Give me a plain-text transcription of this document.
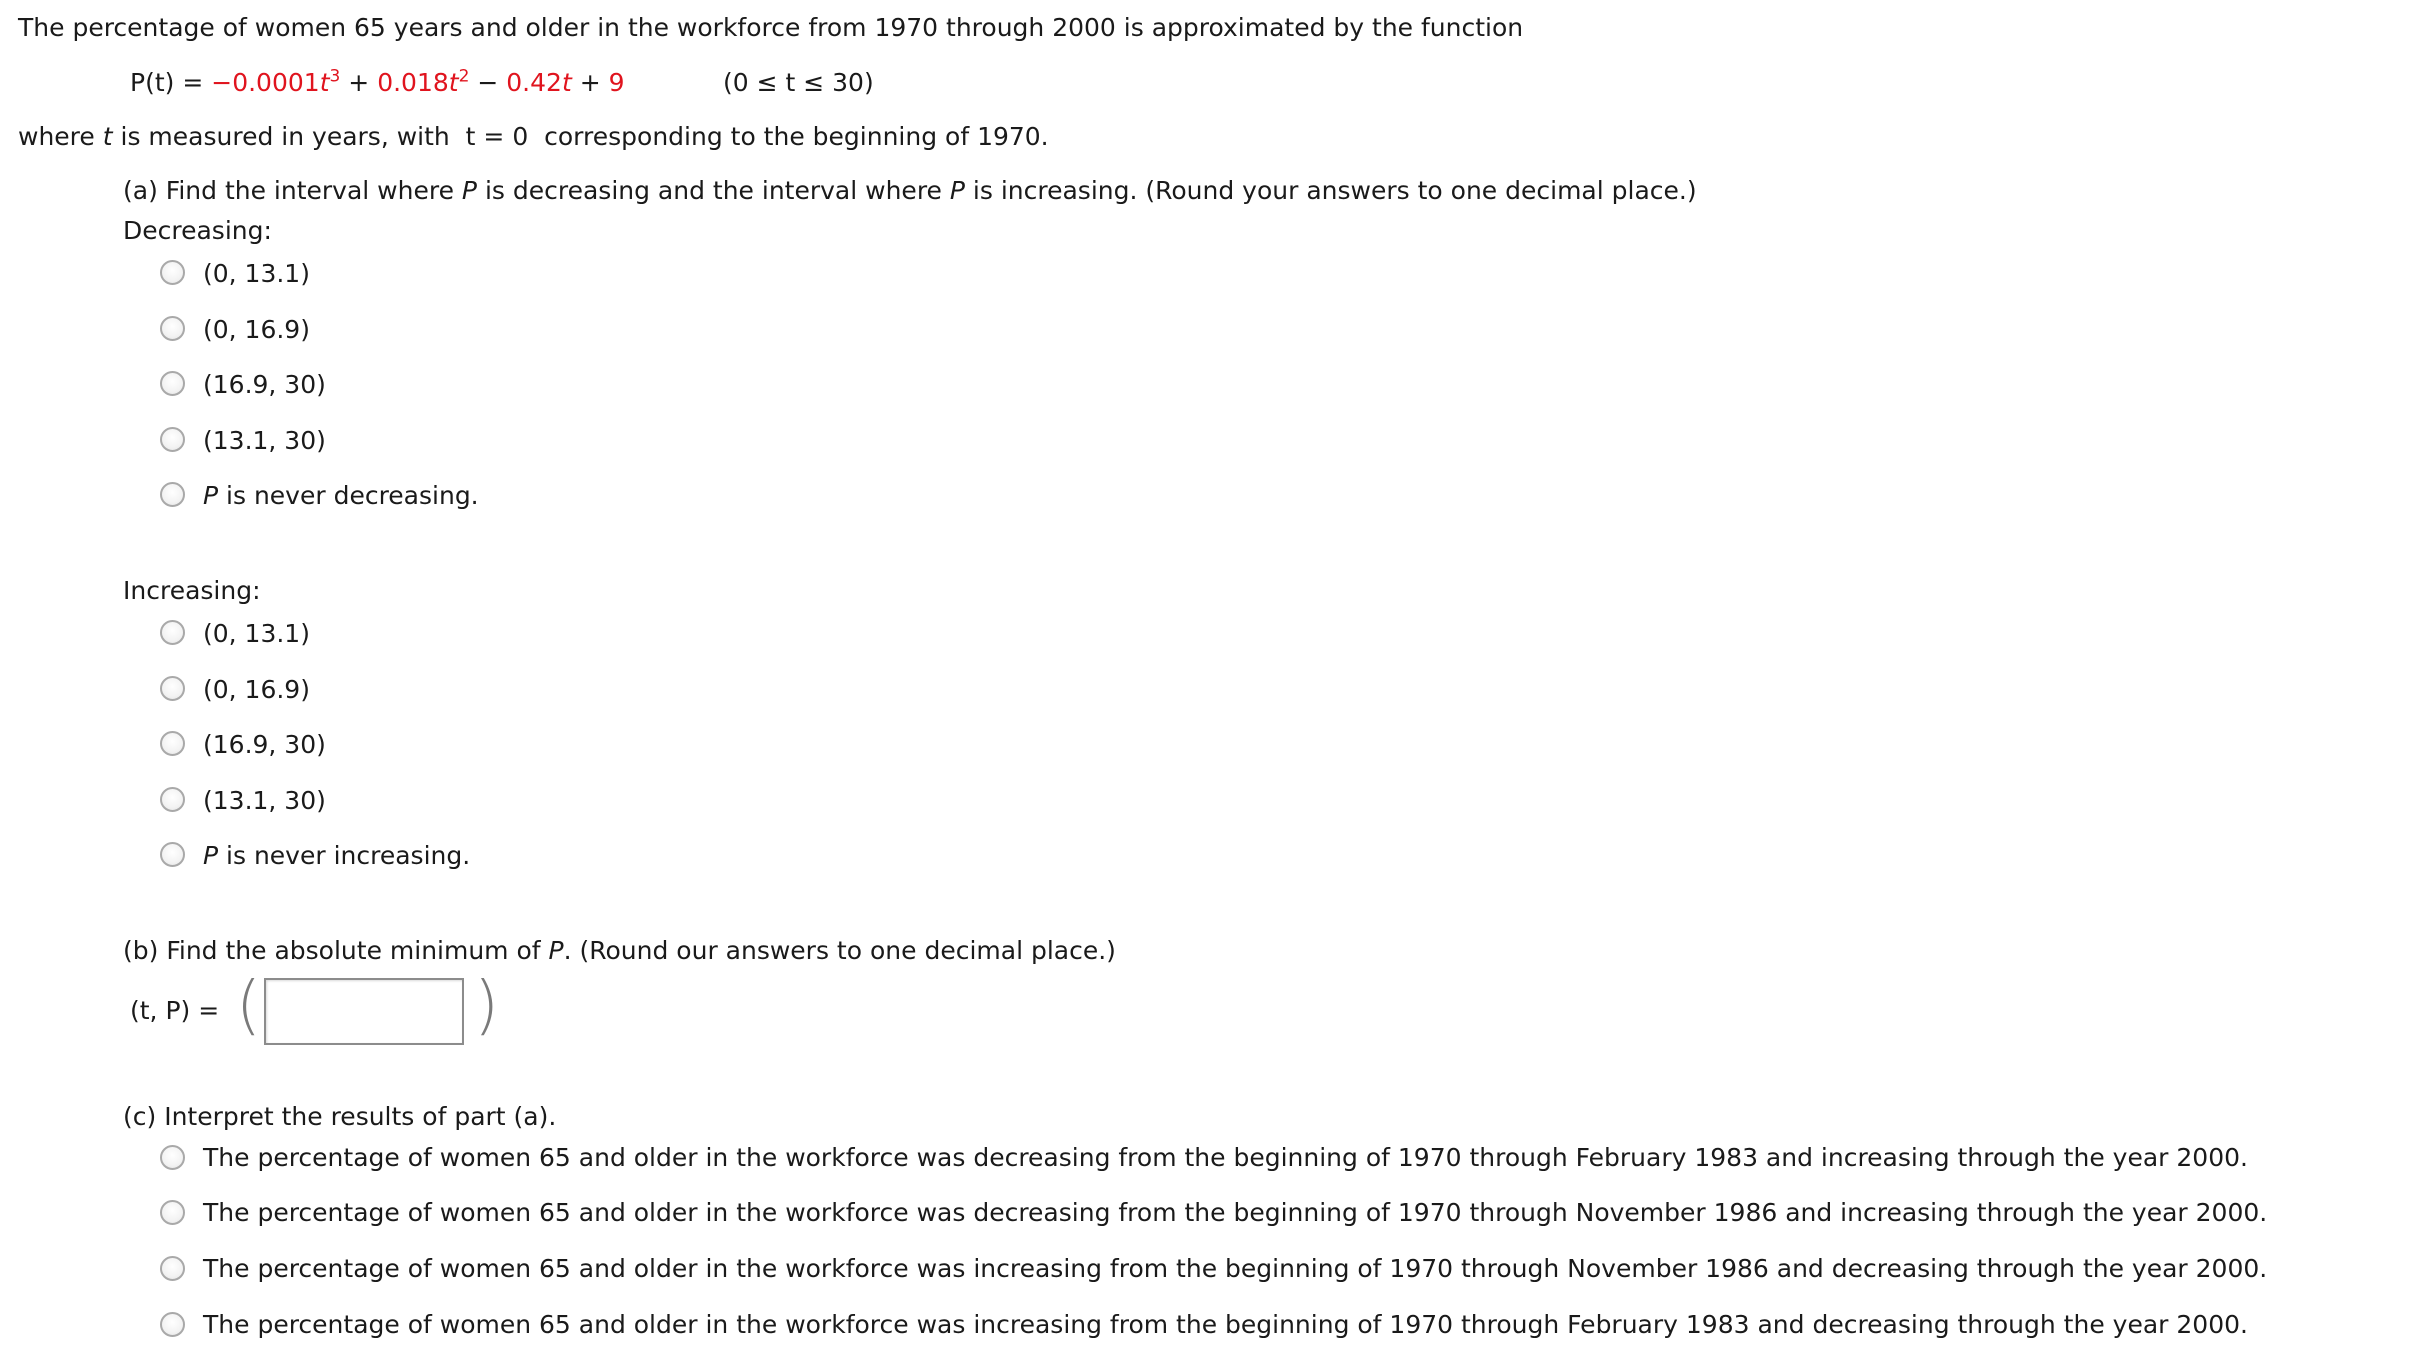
The percentage of women 65 years and older in the workforce from 1970 through 2000 is approximated by the function
$P(t) = -0.0001t^3 + 0.018t^2 - 0.42t + 9$	(0 ≤ t ≤ 30)
where t is measured in years, with t = 0 corresponding to the beginning of 1970.
(a) Find the interval where P is decreasing and the interval where P is increasing. (Round your answers to one decimal place.)
Decreasing:
(0, 13.1)
(0, 16.9)
(16.9, 30)
(13.1, 30)
P is never decreasing.
Increasing:
(0, 13.1)
(0, 16.9)
(16.9, 30)
(13.1, 30)
P is never increasing.
(b) Find the absolute minimum of P. (Round our answers to one decimal place.)
(t, P) = (	)
(c) Interpret the results of part (a).
The percentage of women 65 and older in the workforce was decreasing from the beginning of 1970 through February 1983 and increasing through the year 2000.
The percentage of women 65 and older in the workforce was decreasing from the beginning of 1970 through November 1986 and increasing through the year 2000.
The percentage of women 65 and older in the workforce was increasing from the beginning of 1970 through November 1986 and decreasing through the year 2000.
The percentage of women 65 and older in the workforce was increasing from the beginning of 1970 through February 1983 and decreasing through the year 2000.
